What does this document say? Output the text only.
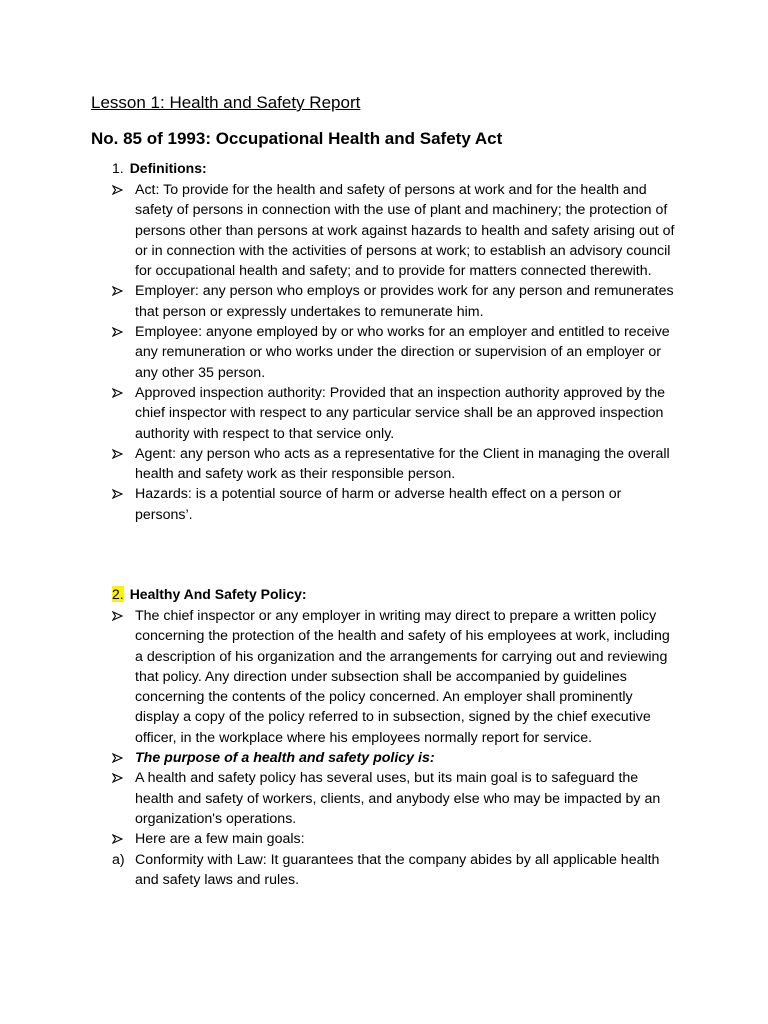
Lesson 1: Health and Safety Report
No. 85 of 1993: Occupational Health and Safety Act
1. Definitions:
Act: To provide for the health and safety of persons at work and for the health and safety of persons in connection with the use of plant and machinery; the protection of persons other than persons at work against hazards to health and safety arising out of or in connection with the activities of persons at work; to establish an advisory council for occupational health and safety; and to provide for matters connected therewith.
Employer: any person who employs or provides work for any person and remunerates that person or expressly undertakes to remunerate him.
Employee: anyone employed by or who works for an employer and entitled to receive any remuneration or who works under the direction or supervision of an employer or any other 35 person.
Approved inspection authority: Provided that an inspection authority approved by the chief inspector with respect to any particular service shall be an approved inspection authority with respect to that service only.
Agent: any person who acts as a representative for the Client in managing the overall health and safety work as their responsible person.
Hazards: is a potential source of harm or adverse health effect on a person or persons’.
2. Healthy And Safety Policy:
The chief inspector or any employer in writing may direct to prepare a written policy concerning the protection of the health and safety of his employees at work, including a description of his organization and the arrangements for carrying out and reviewing that policy. Any direction under subsection shall be accompanied by guidelines concerning the contents of the policy concerned. An employer shall prominently display a copy of the policy referred to in subsection, signed by the chief executive officer, in the workplace where his employees normally report for service.
The purpose of a health and safety policy is:
A health and safety policy has several uses, but its main goal is to safeguard the health and safety of workers, clients, and anybody else who may be impacted by an organization's operations.
Here are a few main goals:
a) Conformity with Law: It guarantees that the company abides by all applicable health and safety laws and rules.
